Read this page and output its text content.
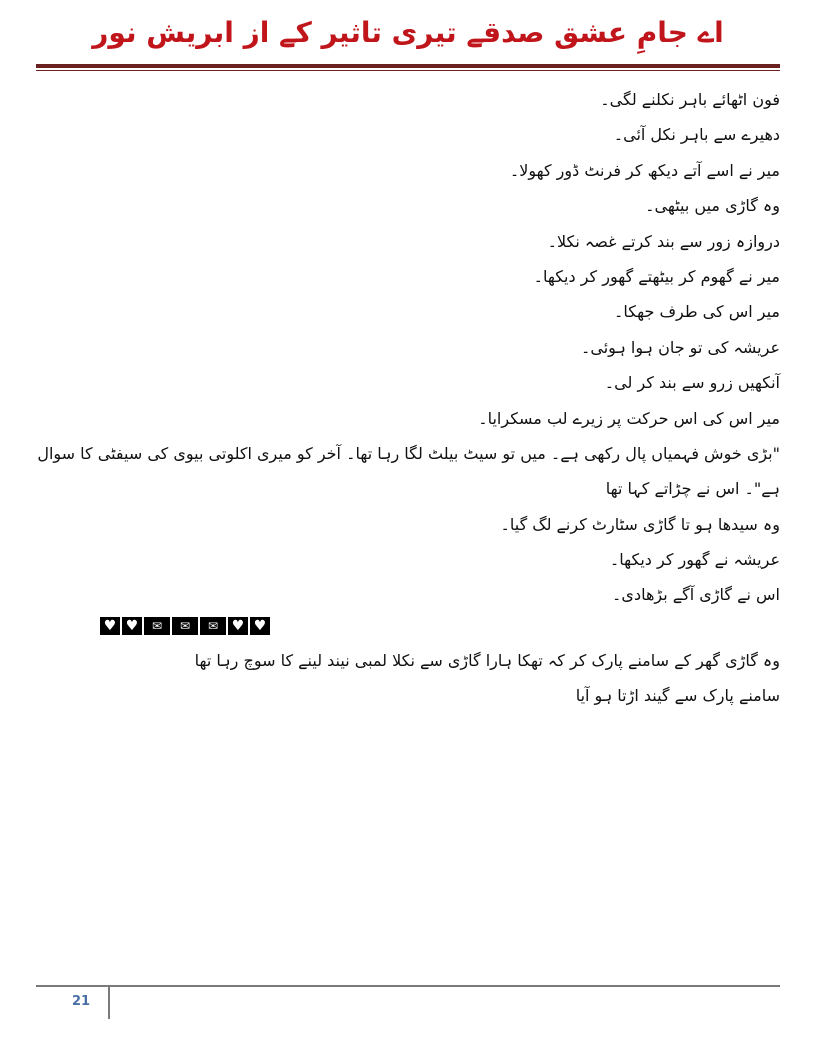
اے جامِ عشق صدقے تیری تاثیر کے از ابریش نور
فون اٹھائے باہر نکلنے لگی۔
دھیرے سے باہر نکل آئی۔
میر نے اسے آتے دیکھ کر فرنٹ ڈور کھولا۔
وہ گاڑی میں بیٹھی۔
دروازہ زور سے بند کرتے غصہ نکلا۔
میر نے گھوم کر بیٹھتے گھور کر دیکھا۔
میر اس کی طرف جھکا۔
عریشہ کی تو جان ہوا ہوئی۔
آنکھیں زرو سے بند کر لی۔
میر اس کی اس حرکت پر زیرے لب مسکرایا۔
"بڑی خوش فہمیاں پال رکھی ہے۔ میں تو سیٹ بیلٹ لگا رہا تھا۔ آخر کو میری اکلوتی بیوی کی سیفٹی کا سوال
ہے"۔ اس نے چڑاتے کہا تھا
وہ سیدھا ہو تا گاڑی سٹارٹ کرنے لگ گیا۔
عریشہ نے گھور کر دیکھا۔
اس نے گاڑی آگے بڑھادی۔
♥ ♥	✉	✉	✉ ♥ ♥
وہ گاڑی گھر کے سامنے پارک کر کہ تھکا ہارا گاڑی سے نکلا لمبی نیند لینے کا سوچ رہا تھا
سامنے پارک سے گیند اڑتا ہو آیا
21
